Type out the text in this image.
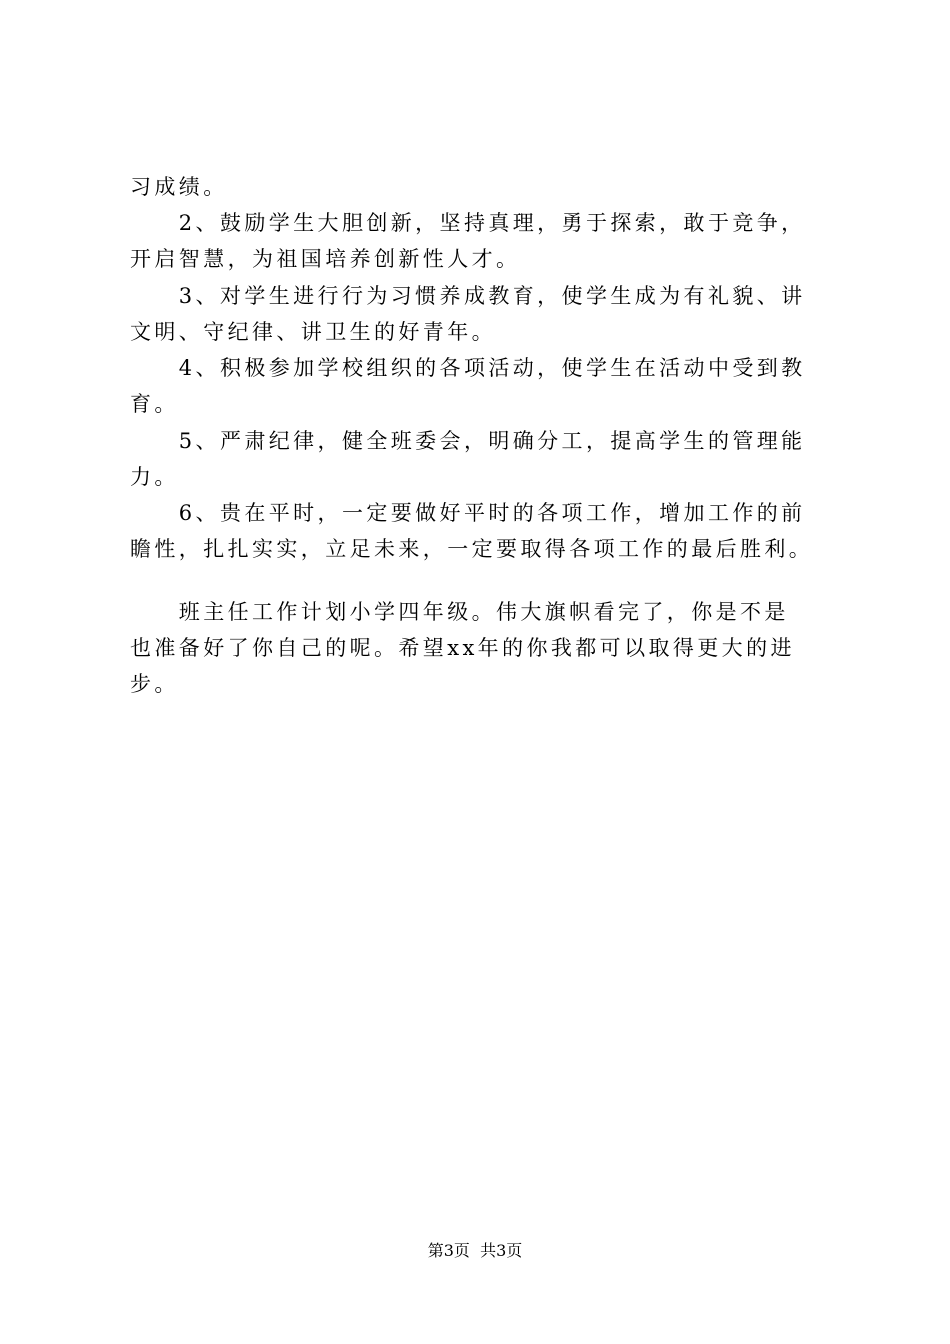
习成绩。
　　2、鼓励学生大胆创新，坚持真理，勇于探索，敢于竞争，
开启智慧，为祖国培养创新性人才。
　　3、对学生进行行为习惯养成教育，使学生成为有礼貌、讲
文明、守纪律、讲卫生的好青年。
　　4、积极参加学校组织的各项活动，使学生在活动中受到教
育。
　　5、严肃纪律，健全班委会，明确分工，提高学生的管理能
力。
　　6、贵在平时，一定要做好平时的各项工作，增加工作的前
瞻性，扎扎实实，立足未来，一定要取得各项工作的最后胜利。
　　班主任工作计划小学四年级。伟大旗帜看完了，你是不是
也准备好了你自己的呢。希望xx年的你我都可以取得更大的进
步。
第3页  共3页
